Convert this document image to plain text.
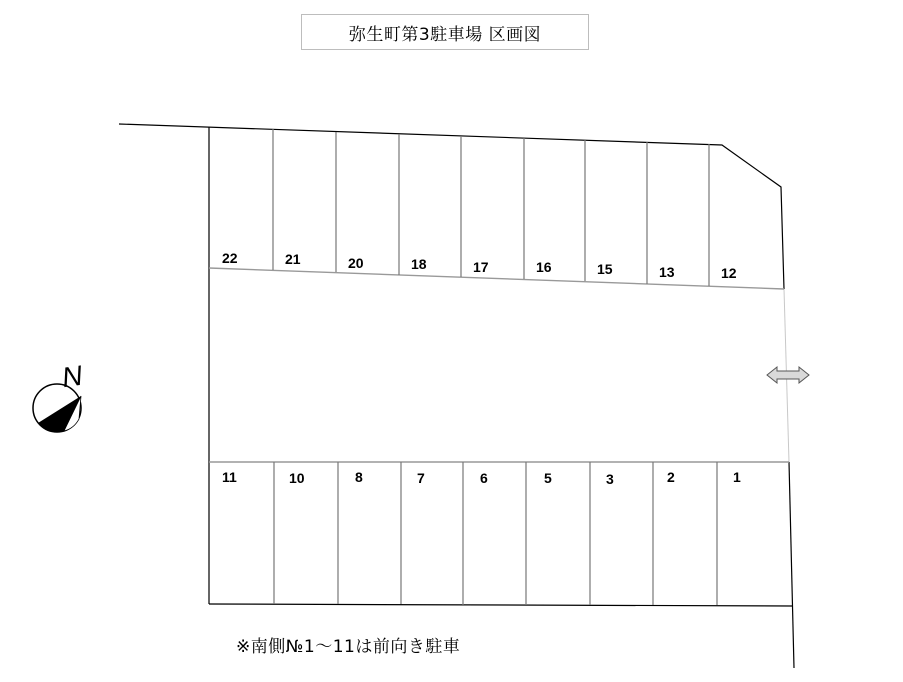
弥生町第3駐車場 区画図
22	21	20	18	17	16	15	13	12
11	10	8	7	6	5	3	2	1
N
※南側№1～11は前向き駐車
